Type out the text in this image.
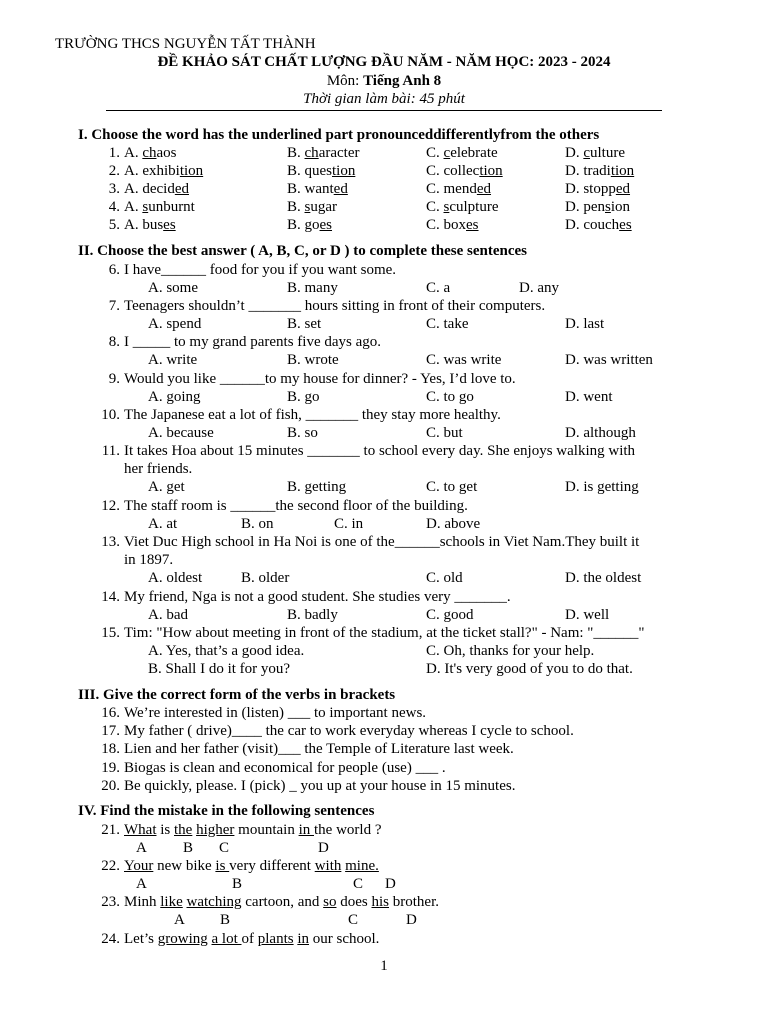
TRƯỜNG THCS NGUYỄN TẤT THÀNH
ĐỀ KHẢO SÁT CHẤT LƯỢNG ĐẦU NĂM - NĂM HỌC: 2023 - 2024
Môn: Tiếng Anh 8
Thời gian làm bài: 45 phút
I. Choose the word has the underlined part pronounceddifferentlyfrom the others
1. A. chaos	B. character	C. celebrate	D. culture
2. A. exhibition	B. question	C. collection	D. tradition
3. A. decided	B. wanted	C. mended	D. stopped
4. A. sunburnt	B. sugar	C. sculpture	D. pension
5. A. buses	B. goes	C. boxes	D. couches
II. Choose the best answer ( A, B, C, or D ) to complete these sentences
6. I have______ food for you if you want some.
A. some	B. many	C. a	D. any
7. Teenagers shouldn’t _______ hours sitting in front of their computers.
A. spend	B. set	C. take	D. last
8. I _____ to my grand parents five days ago.
A. write	B. wrote	C. was write	D. was written
9. Would you like ______to my house for dinner? - Yes, I’d love to.
A. going	B. go	C. to go	D. went
10. The Japanese eat a lot of fish, _______ they stay more healthy.
A. because	B. so	C. but	D. although
11. It takes Hoa about 15 minutes _______ to school every day. She enjoys walking with
her friends.
A. get	B. getting	C. to get	D. is getting
12. The staff room is ______the second floor of the building.
A. at	B. on	C. in	D. above
13. Viet Duc High school in Ha Noi is one of the______schools in Viet Nam.They built it
in 1897.
A. oldest	B. older	C. old	D. the oldest
14. My friend, Nga is not a good student. She studies very _______.
A. bad	B. badly	C. good	D. well
15. Tim: "How about meeting in front of the stadium, at the ticket stall?" - Nam: "______"
A. Yes, that’s a good idea.	C. Oh, thanks for your help.
B. Shall I do it for you?	D. It's very good of you to do that.
III. Give the correct form of the verbs in brackets
16. We’re interested in (listen) ___ to important news.
17. My father ( drive)____ the car to work everyday whereas I cycle to school.
18. Lien and her father (visit)___ the Temple of Literature last week.
19. Biogas is clean and economical for people (use) ___ .
20. Be quickly, please. I (pick) _ you up at your house in 15 minutes.
IV. Find the mistake in the following sentences
21. What is the higher mountain in the world ?
A B C	D
22. Your new bike is very different with mine.
A	B	C D
23. Minh like watching cartoon, and so does his brother.
A B	C	D
24. Let’s growing a lot of plants in our school.
1
